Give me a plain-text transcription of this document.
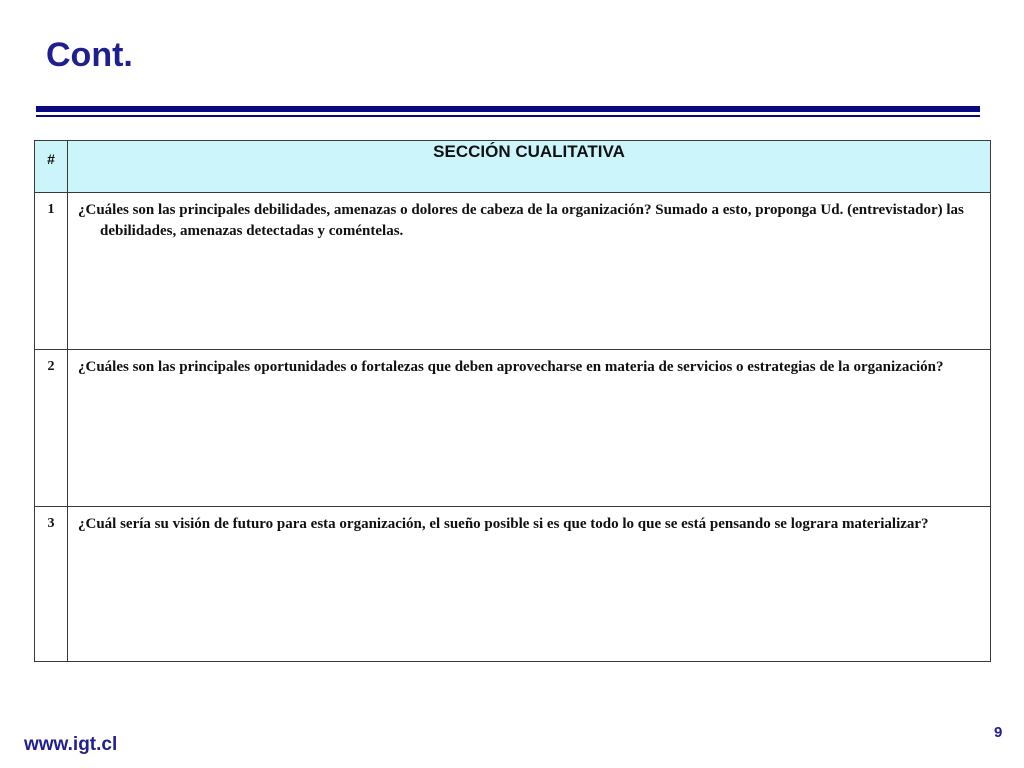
Cont.
#	SECCIÓN CUALITATIVA
1	¿Cuáles son las principales debilidades, amenazas o dolores de cabeza de la organización? Sumado a esto, proponga Ud. (entrevistador) las debilidades, amenazas detectadas y coméntelas.

2	¿Cuáles son las principales oportunidades o fortalezas que deben aprovecharse en materia de servicios o estrategias de la organización?

3	¿Cuál sería su visión de futuro para esta organización, el sueño posible si es que todo lo que se está pensando se lograra materializar?

www.igt.cl
9
